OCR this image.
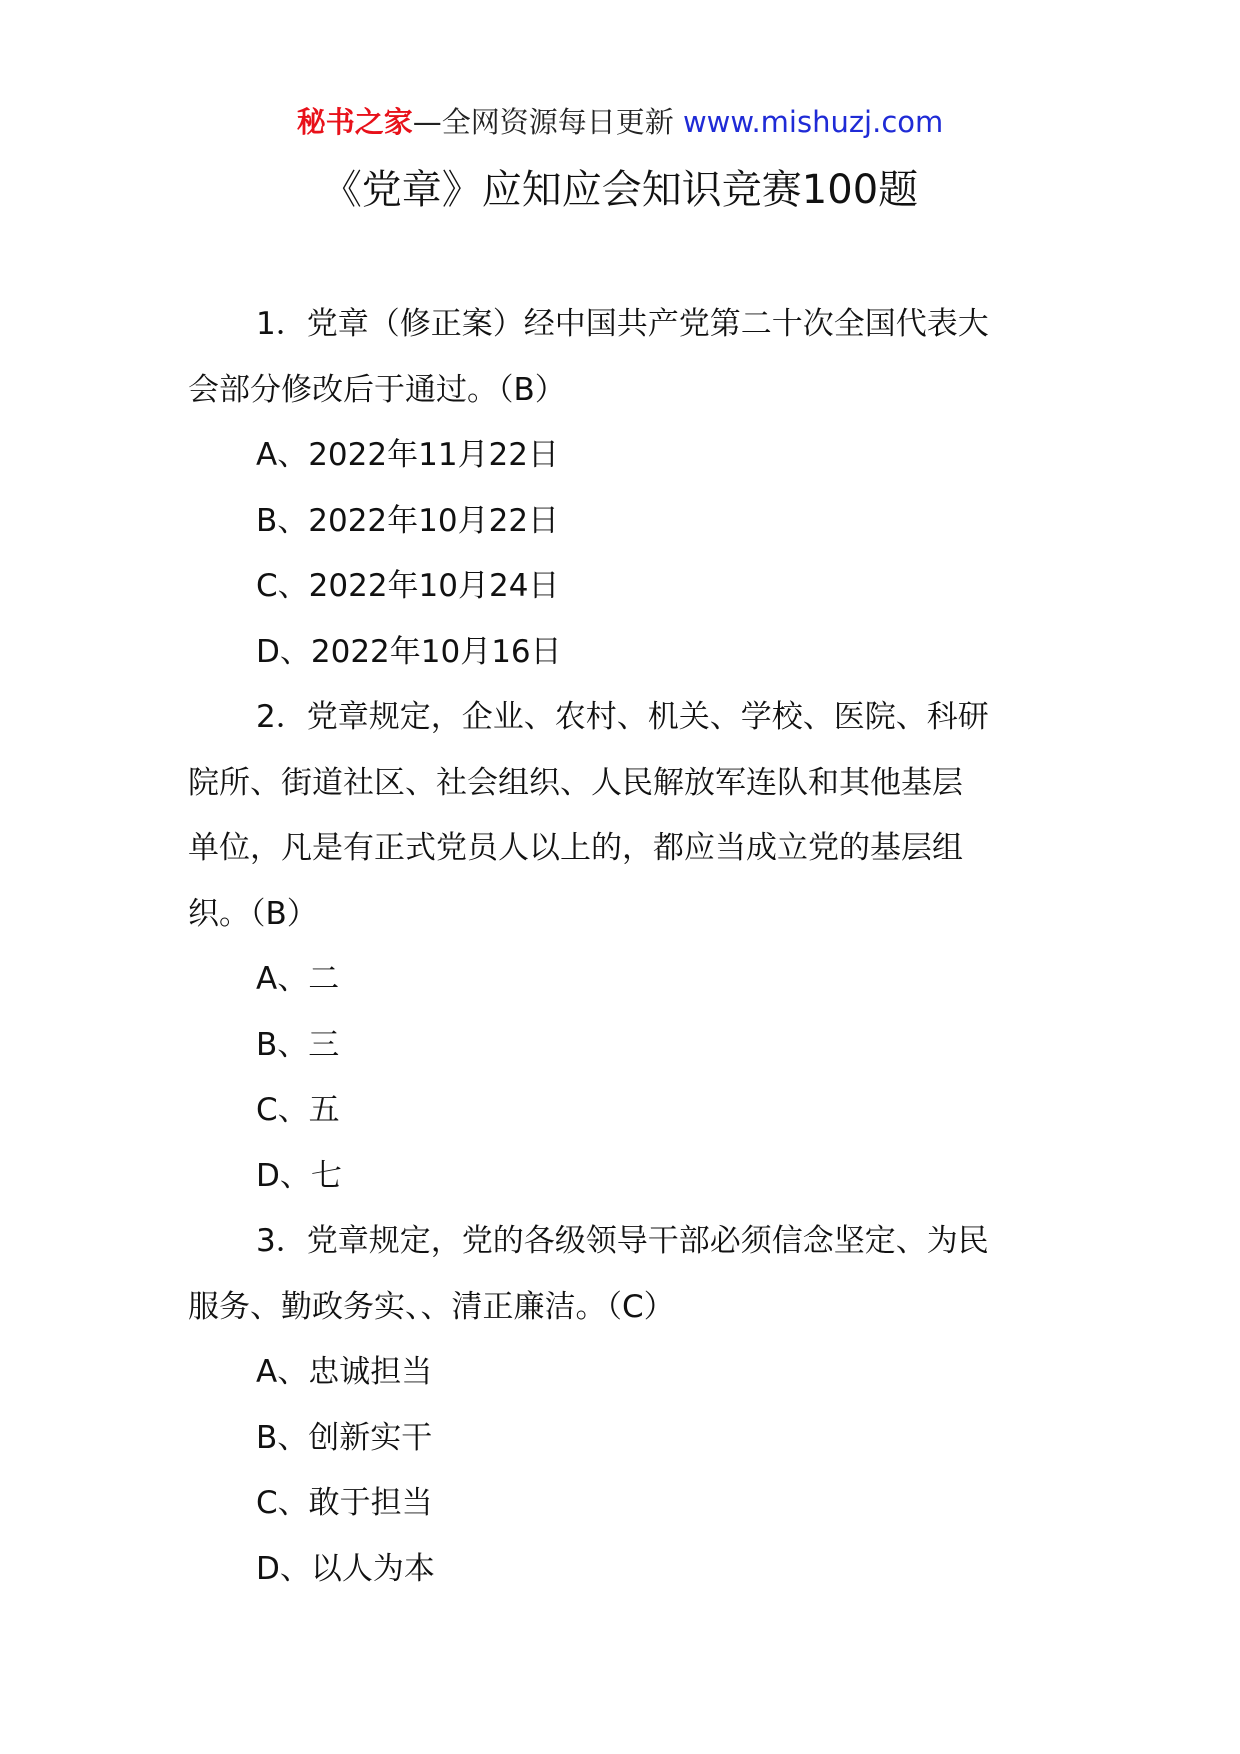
秘书之家—全网资源每日更新 www.mishuzj.com
《党章》应知应会知识竞赛100题
1．党章（修正案）经中国共产党第二十次全国代表大
会部分修改后于通过。（B）
A、2022年11月22日
B、2022年10月22日
C、2022年10月24日
D、2022年10月16日
2．党章规定，企业、农村、机关、学校、医院、科研
院所、街道社区、社会组织、人民解放军连队和其他基层
单位，凡是有正式党员人以上的，都应当成立党的基层组
织。（B）
A、二
B、三
C、五
D、七
3．党章规定，党的各级领导干部必须信念坚定、为民
服务、勤政务实、、清正廉洁。（C）
A、忠诚担当
B、创新实干
C、敢于担当
D、以人为本
